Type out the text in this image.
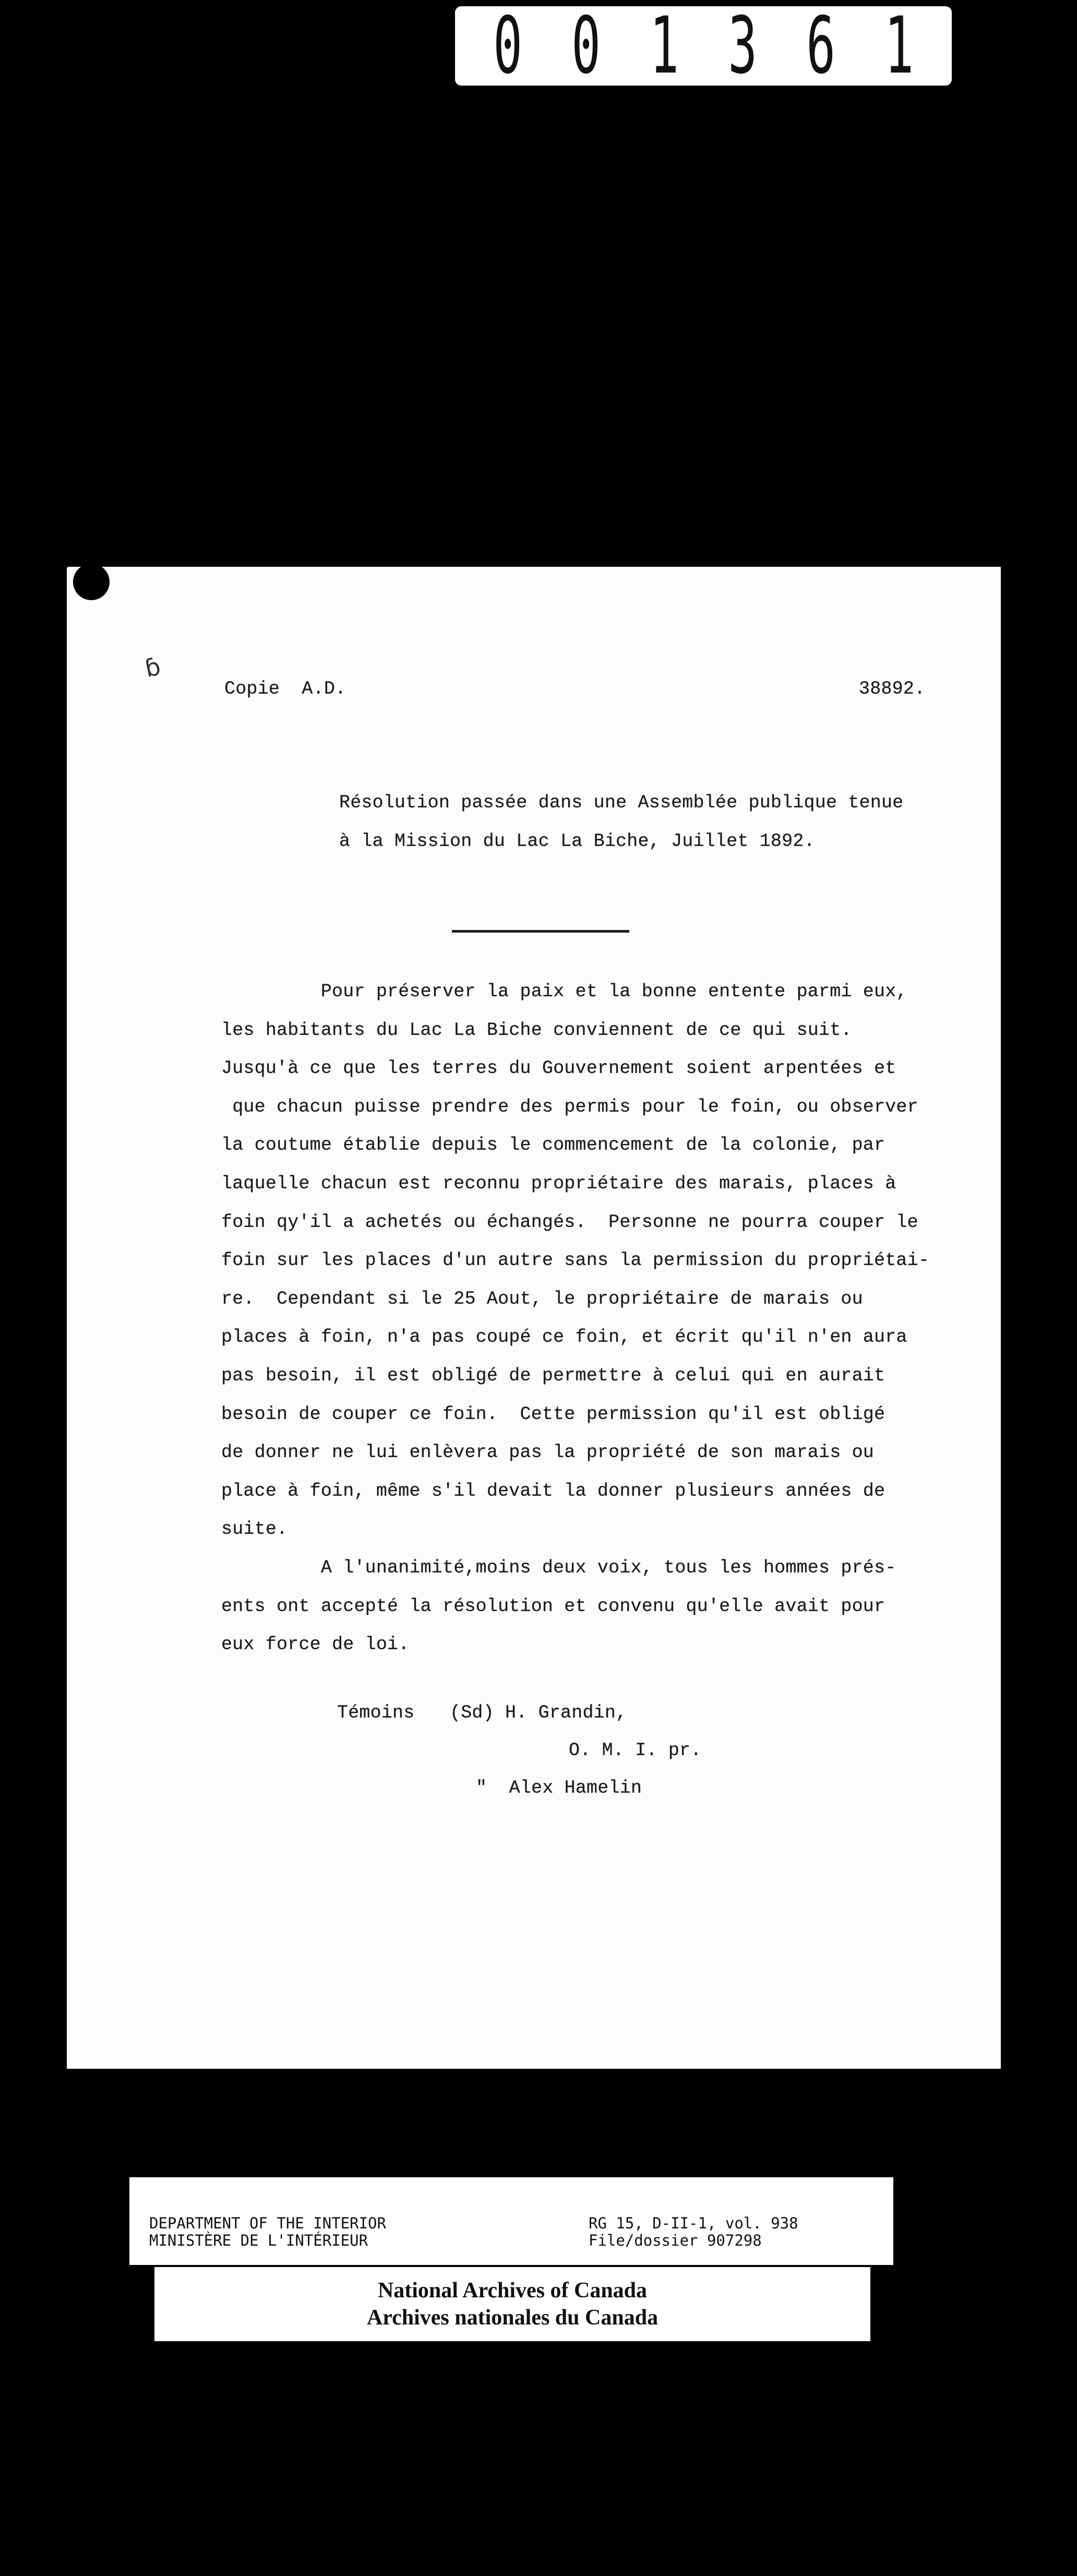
0 0 1 3 6 1
ɓ
Copie  A.D.	38892.
Résolution passée dans une Assemblée publique tenue
à la Mission du Lac La Biche, Juillet 1892.
Pour préserver la paix et la bonne entente parmi eux,
les habitants du Lac La Biche conviennent de ce qui suit.
Jusqu'à ce que les terres du Gouvernement soient arpentées et
que chacun puisse prendre des permis pour le foin, ou observer
la coutume établie depuis le commencement de la colonie, par
laquelle chacun est reconnu propriétaire des marais, places à
foin qy'il a achetés ou échangés.  Personne ne pourra couper le
foin sur les places d'un autre sans la permission du propriétai-
re.  Cependant si le 25 Aout, le propriétaire de marais ou
places à foin, n'a pas coupé ce foin, et écrit qu'il n'en aura
pas besoin, il est obligé de permettre à celui qui en aurait
besoin de couper ce foin.  Cette permission qu'il est obligé
de donner ne lui enlèvera pas la propriété de son marais ou
place à foin, même s'il devait la donner plusieurs années de
suite.
A l'unanimité,moins deux voix, tous les hommes prés-
ents ont accepté la résolution et convenu qu'elle avait pour
eux force de loi.
Témoins (Sd) H. Grandin,
O. M. I. pr.
"  Alex Hamelin
DEPARTMENT OF THE INTERIOR
MINISTÈRE DE L'INTÉRIEUR
RG 15, D-II-1, vol. 938
File/dossier 907298
National Archives of Canada
Archives nationales du Canada
